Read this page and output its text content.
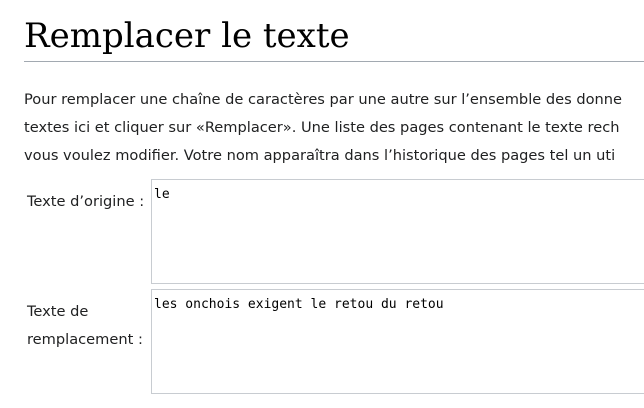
Remplacer le texte

Pour remplacer une chaîne de caractères par une autre sur l’ensemble des donne
textes ici et cliquer sur «Remplacer». Une liste des pages contenant le texte rech
vous voulez modifier. Votre nom apparaîtra dans l’historique des pages tel un uti

Texte d’origine :
le
Texte de
remplacement :
les onchois exigent le retou du retou
